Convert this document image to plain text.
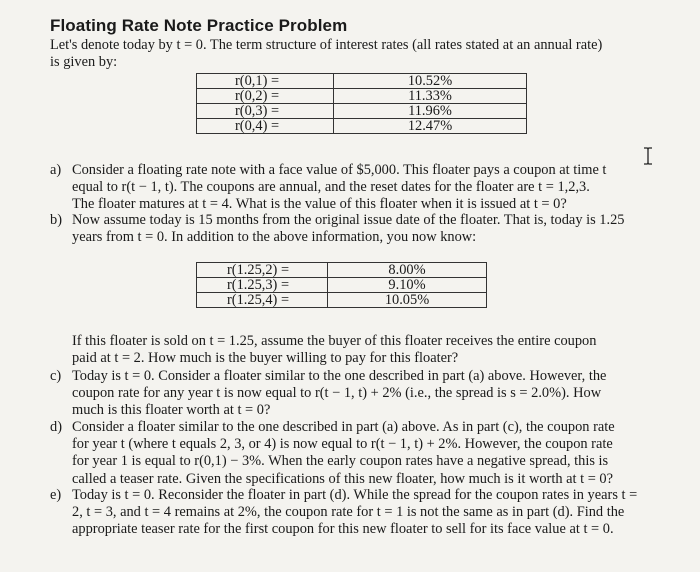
Floating Rate Note Practice Problem
Let's denote today by t = 0. The term structure of interest rates (all rates stated at an annual rate)
is given by:
r(0,1) =	10.52%
r(0,2) =	11.33%
r(0,3) =	11.96%
r(0,4) =	12.47%
a) Consider a floating rate note with a face value of $5,000. This floater pays a coupon at time t
equal to r(t − 1, t). The coupons are annual, and the reset dates for the floater are t = 1,2,3.
The floater matures at t = 4. What is the value of this floater when it is issued at t = 0?
b) Now assume today is 15 months from the original issue date of the floater. That is, today is 1.25
years from t = 0. In addition to the above information, you now know:
r(1.25,2) =	8.00%
r(1.25,3) =	9.10%
r(1.25,4) =	10.05%
If this floater is sold on t = 1.25, assume the buyer of this floater receives the entire coupon
paid at t = 2. How much is the buyer willing to pay for this floater?
c) Today is t = 0. Consider a floater similar to the one described in part (a) above. However, the
coupon rate for any year t is now equal to r(t − 1, t) + 2% (i.e., the spread is s = 2.0%). How
much is this floater worth at t = 0?
d) Consider a floater similar to the one described in part (a) above. As in part (c), the coupon rate
for year t (where t equals 2, 3, or 4) is now equal to r(t − 1, t) + 2%. However, the coupon rate
for year 1 is equal to r(0,1) − 3%. When the early coupon rates have a negative spread, this is
called a teaser rate. Given the specifications of this new floater, how much is it worth at t = 0?
e) Today is t = 0. Reconsider the floater in part (d). While the spread for the coupon rates in years t =
2, t = 3, and t = 4 remains at 2%, the coupon rate for t = 1 is not the same as in part (d). Find the
appropriate teaser rate for the first coupon for this new floater to sell for its face value at t = 0.
